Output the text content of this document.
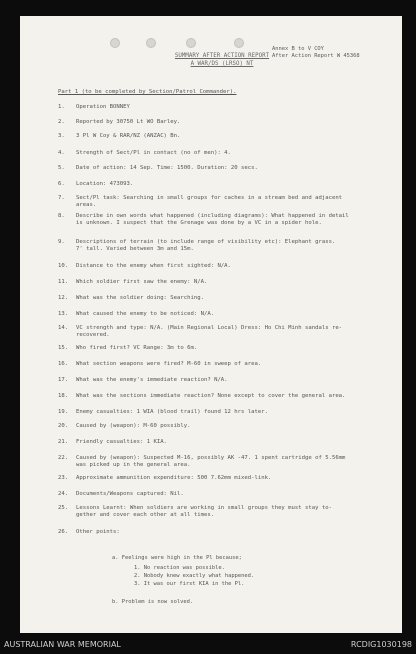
Annex B to V COY
After Action Report W 45368
SUMMARY AFTER ACTION REPORT
A WAR/DS (LRSO) NT
Part 1 (to be completed by Section/Patrol Commander).
1. Operation BONNEY
2. Reported by 30750 Lt WO Barley.
3. 3 Pl W Coy & RAR/NZ (ANZAC) Bn.
4. Strength of Sect/Pl in contact (no of men): 4.
5. Date of action: 14 Sep. Time: 1500. Duration: 20 secs.
6. Location: 473093.
7. Sect/Pl task: Searching in small groups for caches in a stream bed and adjacent
areas.
8. Describe in own words what happened (including diagrams): What happened in detail
is unknown. I suspect that the Grenage was done by a VC in a spider hole.
9. Descriptions of terrain (to include range of visibility etc): Elephant grass.
7' tall. Varied between 3m and 15m.
10. Distance to the enemy when first sighted: N/A.
11. Which soldier first saw the enemy: N/A.
12. What was the soldier doing: Searching.
13. What caused the enemy to be noticed: N/A.
14. VC strength and type: N/A. (Main Regional Local) Dress: Ho Chi Minh sandals re-
recovered.
15. Who fired first? VC Range: 3m to 6m.
16. What section weapons were fired? M-60 in sweep of area.
17. What was the enemy's immediate reaction? N/A.
18. What was the sections immediate reaction? None except to cover the general area.
19. Enemy casualties: 1 WIA (blood trail) found 12 hrs later.
20. Caused by (weapon): M-60 possibly.
21. Friendly casualties: 1 KIA.
22. Caused by (weapon): Suspected M-16, possibly AK -47. 1 spent cartridge of 5.56mm
was picked up in the general area.
23. Approximate ammunition expenditure: 500 7.62mm mixed-link.
24. Documents/Weapons captured: Nil.
25. Lessons Learnt: When soldiers are working in small groups they must stay to-
gether and cover each other at all times.
26. Other points:
a. Feelings were high in the Pl because;
1. No reaction was possible.
2. Nobody knew exactly what happened.
3. It was our first KIA in the Pl.
b. Problem is now solved.
AUSTRALIAN WAR MEMORIAL	RCDIG1030198
